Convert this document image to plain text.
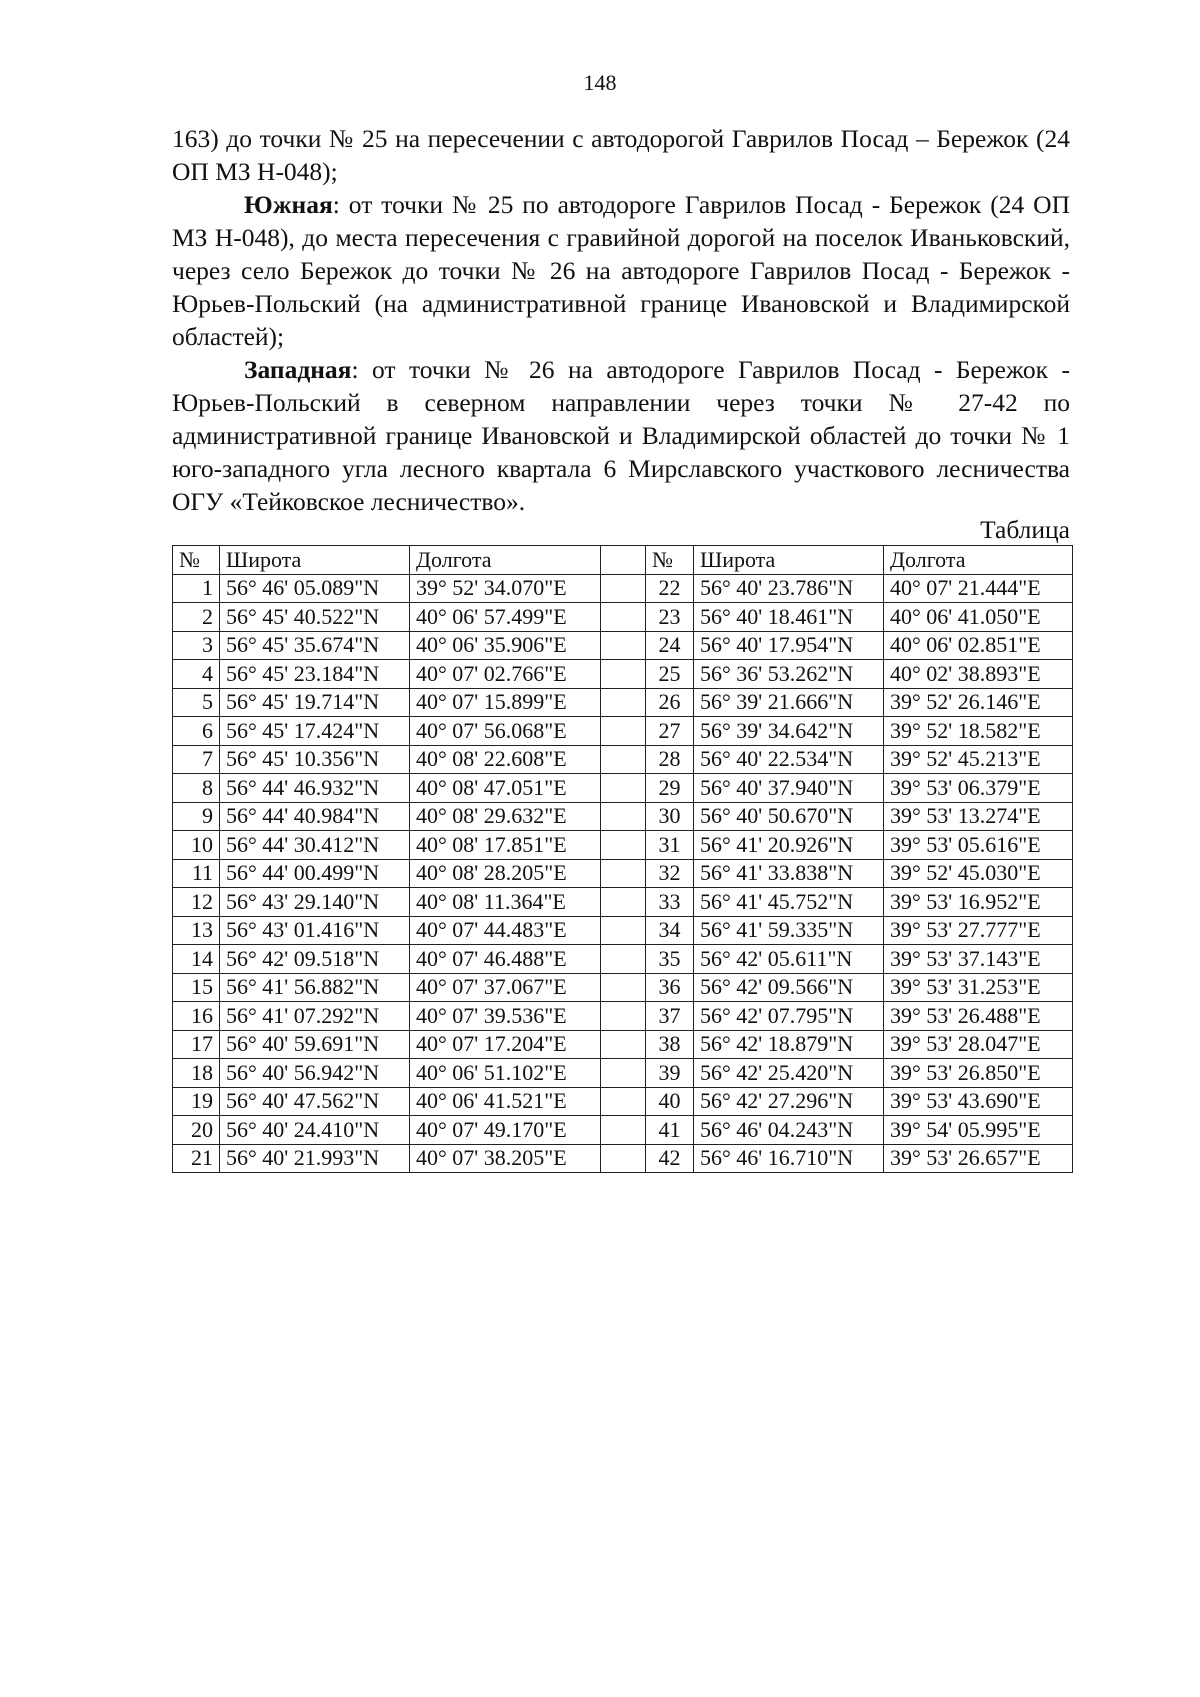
148

163) до точки № 25 на пересечении с автодорогой Гаврилов Посад – Бережок (24 ОП МЗ Н-048);

Южная: от точки № 25 по автодороге Гаврилов Посад - Бережок (24 ОП МЗ Н-048), до места пересечения с гравийной дорогой на поселок Иваньковский, через село Бережок до точки № 26 на автодороге Гаврилов Посад - Бережок - Юрьев-Польский (на административной границе Ивановской и Владимирской областей);

Западная: от точки № 26 на автодороге Гаврилов Посад - Бережок - Юрьев-Польский в северном направлении через точки № 27-42 по административной границе Ивановской и Владимирской областей до точки № 1 юго-западного угла лесного квартала 6 Мирславского участкового лесничества ОГУ «Тейковское лесничество».

Таблица
№	Широта	Долгота		№	Широта	Долгота
1	56° 46' 05.089"N	39° 52' 34.070"E		22	56° 40' 23.786"N	40° 07' 21.444"E
2	56° 45' 40.522"N	40° 06' 57.499"E		23	56° 40' 18.461"N	40° 06' 41.050"E
3	56° 45' 35.674"N	40° 06' 35.906"E		24	56° 40' 17.954"N	40° 06' 02.851"E
4	56° 45' 23.184"N	40° 07' 02.766"E		25	56° 36' 53.262"N	40° 02' 38.893"E
5	56° 45' 19.714"N	40° 07' 15.899"E		26	56° 39' 21.666"N	39° 52' 26.146"E
6	56° 45' 17.424"N	40° 07' 56.068"E		27	56° 39' 34.642"N	39° 52' 18.582"E
7	56° 45' 10.356"N	40° 08' 22.608"E		28	56° 40' 22.534"N	39° 52' 45.213"E
8	56° 44' 46.932"N	40° 08' 47.051"E		29	56° 40' 37.940"N	39° 53' 06.379"E
9	56° 44' 40.984"N	40° 08' 29.632"E		30	56° 40' 50.670"N	39° 53' 13.274"E
10	56° 44' 30.412"N	40° 08' 17.851"E		31	56° 41' 20.926"N	39° 53' 05.616"E
11	56° 44' 00.499"N	40° 08' 28.205"E		32	56° 41' 33.838"N	39° 52' 45.030"E
12	56° 43' 29.140"N	40° 08' 11.364"E		33	56° 41' 45.752"N	39° 53' 16.952"E
13	56° 43' 01.416"N	40° 07' 44.483"E		34	56° 41' 59.335"N	39° 53' 27.777"E
14	56° 42' 09.518"N	40° 07' 46.488"E		35	56° 42' 05.611"N	39° 53' 37.143"E
15	56° 41' 56.882"N	40° 07' 37.067"E		36	56° 42' 09.566"N	39° 53' 31.253"E
16	56° 41' 07.292"N	40° 07' 39.536"E		37	56° 42' 07.795"N	39° 53' 26.488"E
17	56° 40' 59.691"N	40° 07' 17.204"E		38	56° 42' 18.879"N	39° 53' 28.047"E
18	56° 40' 56.942"N	40° 06' 51.102"E		39	56° 42' 25.420"N	39° 53' 26.850"E
19	56° 40' 47.562"N	40° 06' 41.521"E		40	56° 42' 27.296"N	39° 53' 43.690"E
20	56° 40' 24.410"N	40° 07' 49.170"E		41	56° 46' 04.243"N	39° 54' 05.995"E
21	56° 40' 21.993"N	40° 07' 38.205"E		42	56° 46' 16.710"N	39° 53' 26.657"E
